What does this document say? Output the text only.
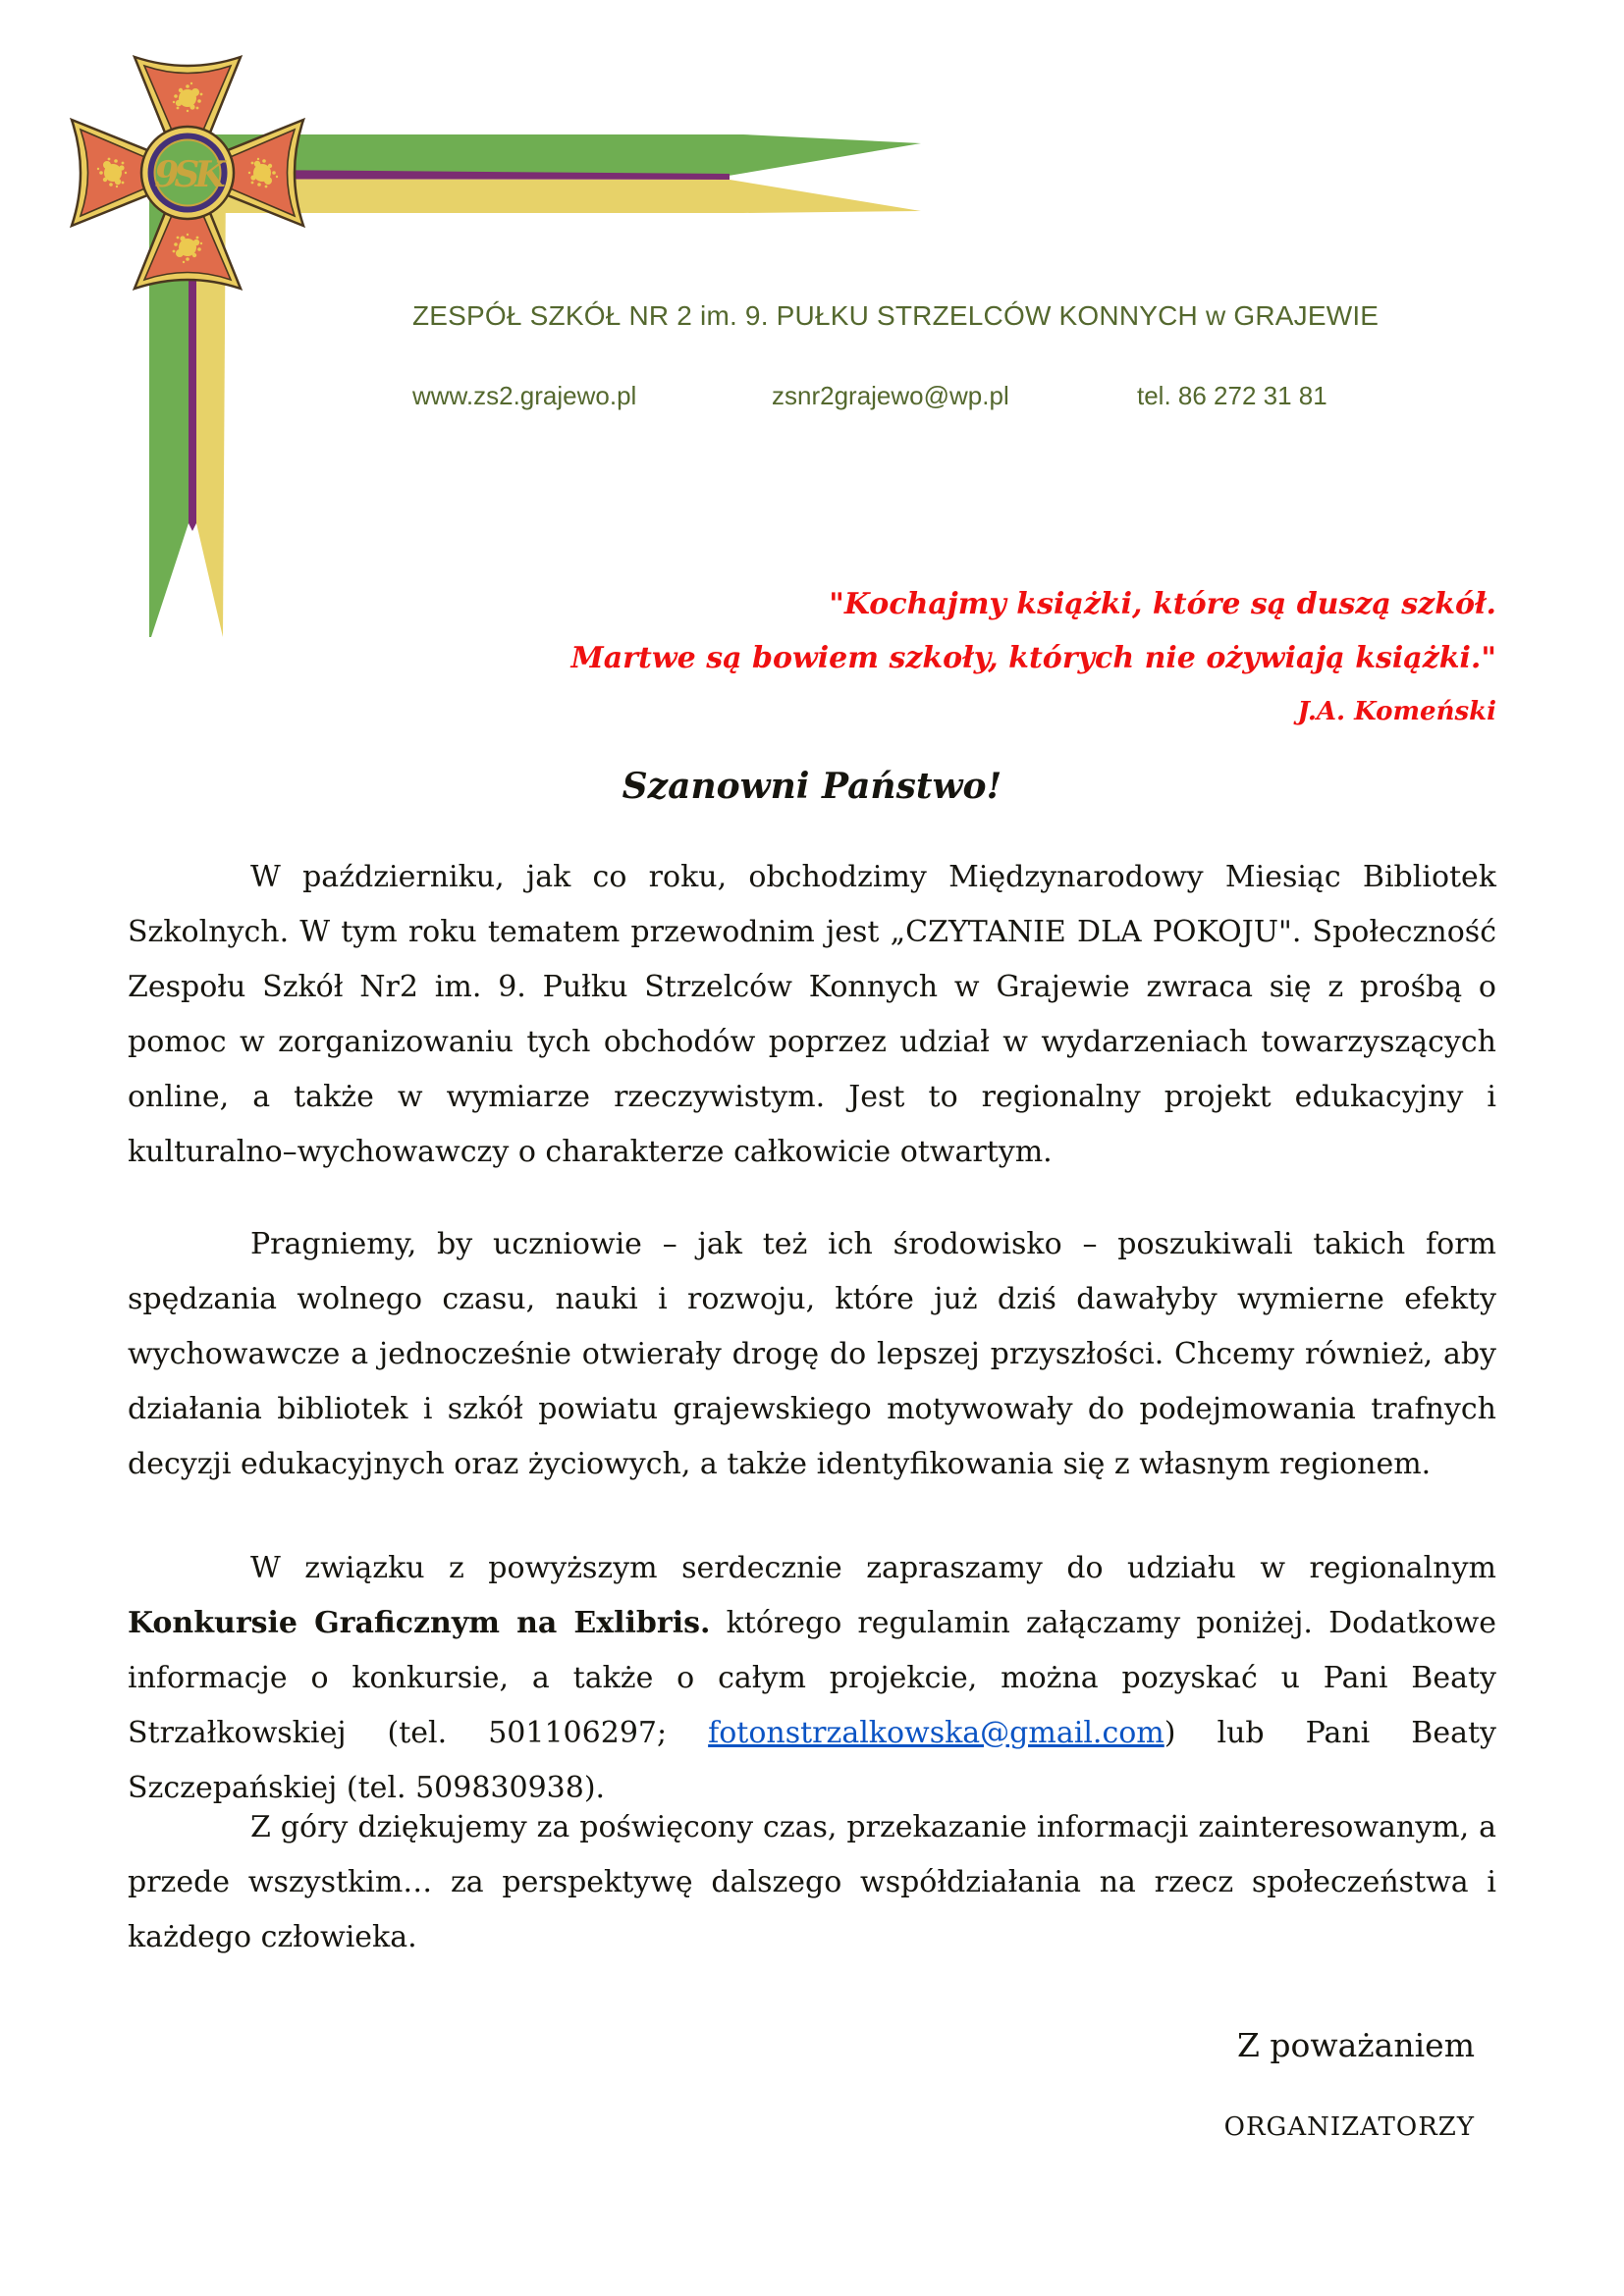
9SK
ZESPÓŁ SZKÓŁ NR 2 im. 9. PUŁKU STRZELCÓW KONNYCH w GRAJEWIE
www.zs2.grajewo.pl	zsnr2grajewo@wp.pl	tel. 86 272 31 81
"Kochajmy książki, które są duszą szkół.
Martwe są bowiem szkoły, których nie ożywiają książki."
J.A. Komeński
Szanowni Państwo!

W październiku, jak co roku, obchodzimy Międzynarodowy Miesiąc Bibliotek Szkolnych. W tym roku tematem przewodnim jest „CZYTANIE DLA POKOJU". Społeczność Zespołu Szkół Nr2 im. 9. Pułku Strzelców Konnych w Grajewie zwraca się z prośbą o pomoc w zorganizowaniu tych obchodów poprzez udział w wydarzeniach towarzyszących online, a także w wymiarze rzeczywistym. Jest to regionalny projekt edukacyjny i kulturalno–wychowawczy o charakterze całkowicie otwartym.

Pragniemy, by uczniowie – jak też ich środowisko – poszukiwali takich form spędzania wolnego czasu, nauki i rozwoju, które już dziś dawałyby wymierne efekty wychowawcze a jednocześnie otwierały drogę do lepszej przyszłości. Chcemy również, aby działania bibliotek i szkół powiatu grajewskiego motywowały do podejmowania trafnych decyzji edukacyjnych oraz życiowych, a także identyfikowania się z własnym regionem.

W związku z powyższym serdecznie zapraszamy do udziału w regionalnym Konkursie Graficznym na Exlibris. którego regulamin załączamy poniżej. Dodatkowe informacje o konkursie, a także o całym projekcie, można pozyskać u Pani Beaty Strzałkowskiej (tel. 501106297; fotonstrzalkowska@gmail.com) lub Pani Beaty Szczepańskiej (tel. 509830938).

Z góry dziękujemy za poświęcony czas, przekazanie informacji zainteresowanym, a przede wszystkim… za perspektywę dalszego współdziałania na rzecz społeczeństwa i każdego człowieka.

Z poważaniem
ORGANIZATORZY
